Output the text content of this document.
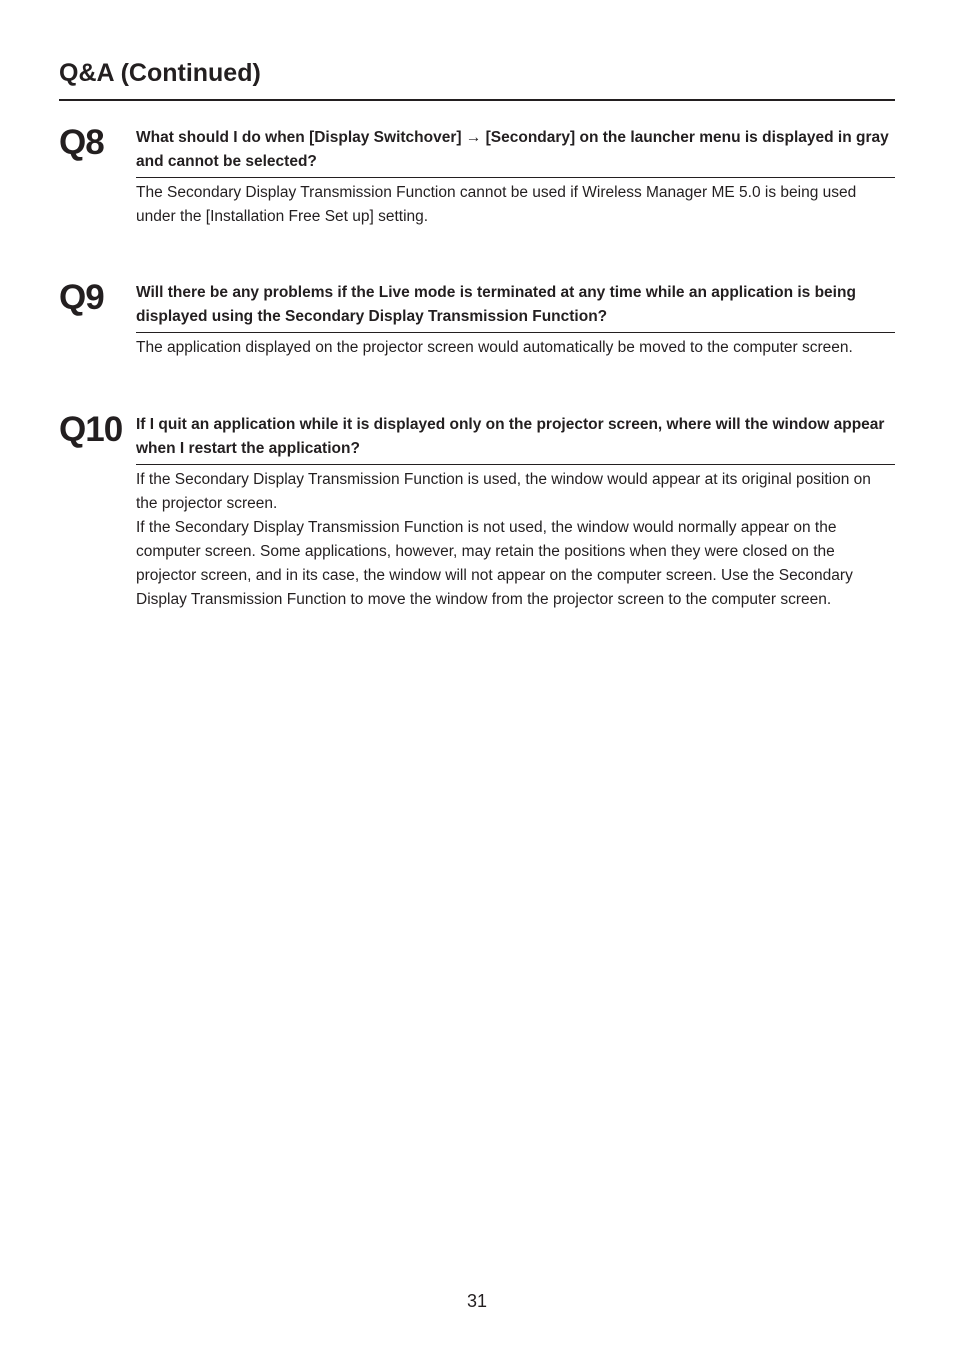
Q&A (Continued)
Q8 What should I do when [Display Switchover] → [Secondary] on the launcher menu is displayed in gray and cannot be selected?

The Secondary Display Transmission Function cannot be used if Wireless Manager ME 5.0 is being used under the [Installation Free Set up] setting.

Q9 Will there be any problems if the Live mode is terminated at any time while an application is being displayed using the Secondary Display Transmission Function?

The application displayed on the projector screen would automatically be moved to the computer screen.

Q10 If I quit an application while it is displayed only on the projector screen, where will the window appear when I restart the application?

If the Secondary Display Transmission Function is used, the window would appear at its original position on the projector screen.

If the Secondary Display Transmission Function is not used, the window would normally appear on the computer screen. Some applications, however, may retain the positions when they were closed on the projector screen, and in its case, the window will not appear on the computer screen. Use the Secondary Display Transmission Function to move the window from the projector screen to the computer screen.

31
